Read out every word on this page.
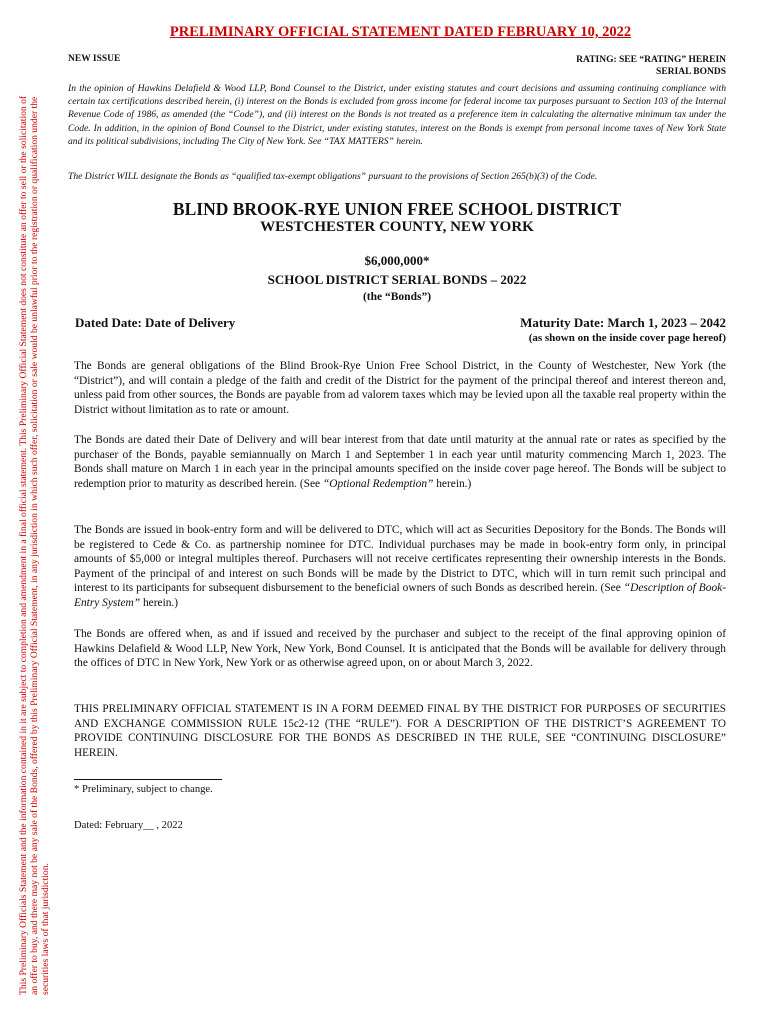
This Preliminary Officials Statement and the information contained in it are subject to completion and amendment in a final official statement. This Preliminary Official Statement does not constitute an offer to sell or the solicitation of an offer to buy, and there may not be any sale of the Bonds, offered by this Preliminary Official Statement, in any jurisdiction in which such offer, solicitation or sale would be unlawful prior to the registration or qualification under the securities laws of that jurisdiction.
PRELIMINARY OFFICIAL STATEMENT DATED FEBRUARY 10, 2022
NEW ISSUE	RATING: SEE “RATING” HEREIN
SERIAL BONDS
In the opinion of Hawkins Delafield & Wood LLP, Bond Counsel to the District, under existing statutes and court decisions and assuming continuing compliance with certain tax certifications described herein, (i) interest on the Bonds is excluded from gross income for federal income tax purposes pursuant to Section 103 of the Internal Revenue Code of 1986, as amended (the “Code”), and (ii) interest on the Bonds is not treated as a preference item in calculating the alternative minimum tax under the Code. In addition, in the opinion of Bond Counsel to the District, under existing statutes, interest on the Bonds is exempt from personal income taxes of New York State and its political subdivisions, including The City of New York. See “TAX MATTERS” herein.
The District WILL designate the Bonds as “qualified tax-exempt obligations” pursuant to the provisions of Section 265(b)(3) of the Code.
BLIND BROOK-RYE UNION FREE SCHOOL DISTRICT
WESTCHESTER COUNTY, NEW YORK
$6,000,000*
SCHOOL DISTRICT SERIAL BONDS – 2022
(the “Bonds”)
Dated Date: Date of Delivery	Maturity Date: March 1, 2023 – 2042
(as shown on the inside cover page hereof)
The Bonds are general obligations of the Blind Brook-Rye Union Free School District, in the County of Westchester, New York (the “District”), and will contain a pledge of the faith and credit of the District for the payment of the principal thereof and interest thereon and, unless paid from other sources, the Bonds are payable from ad valorem taxes which may be levied upon all the taxable real property within the District without limitation as to rate or amount.
The Bonds are dated their Date of Delivery and will bear interest from that date until maturity at the annual rate or rates as specified by the purchaser of the Bonds, payable semiannually on March 1 and September 1 in each year until maturity commencing March 1, 2023. The Bonds shall mature on March 1 in each year in the principal amounts specified on the inside cover page hereof. The Bonds will be subject to redemption prior to maturity as described herein. (See “Optional Redemption” herein.)
The Bonds are issued in book-entry form and will be delivered to DTC, which will act as Securities Depository for the Bonds. The Bonds will be registered to Cede & Co. as partnership nominee for DTC. Individual purchases may be made in book-entry form only, in principal amounts of $5,000 or integral multiples thereof. Purchasers will not receive certificates representing their ownership interests in the Bonds. Payment of the principal of and interest on such Bonds will be made by the District to DTC, which will in turn remit such principal and interest to its participants for subsequent disbursement to the beneficial owners of such Bonds as described herein. (See “Description of Book-Entry System” herein.)
The Bonds are offered when, as and if issued and received by the purchaser and subject to the receipt of the final approving opinion of Hawkins Delafield & Wood LLP, New York, New York, Bond Counsel. It is anticipated that the Bonds will be available for delivery through the offices of DTC in New York, New York or as otherwise agreed upon, on or about March 3, 2022.
THIS PRELIMINARY OFFICIAL STATEMENT IS IN A FORM DEEMED FINAL BY THE DISTRICT FOR PURPOSES OF SECURITIES AND EXCHANGE COMMISSION RULE 15c2-12 (THE “RULE”). FOR A DESCRIPTION OF THE DISTRICT’S AGREEMENT TO PROVIDE CONTINUING DISCLOSURE FOR THE BONDS AS DESCRIBED IN THE RULE, SEE “CONTINUING DISCLOSURE” HEREIN.
* Preliminary, subject to change.
Dated: February__ , 2022
